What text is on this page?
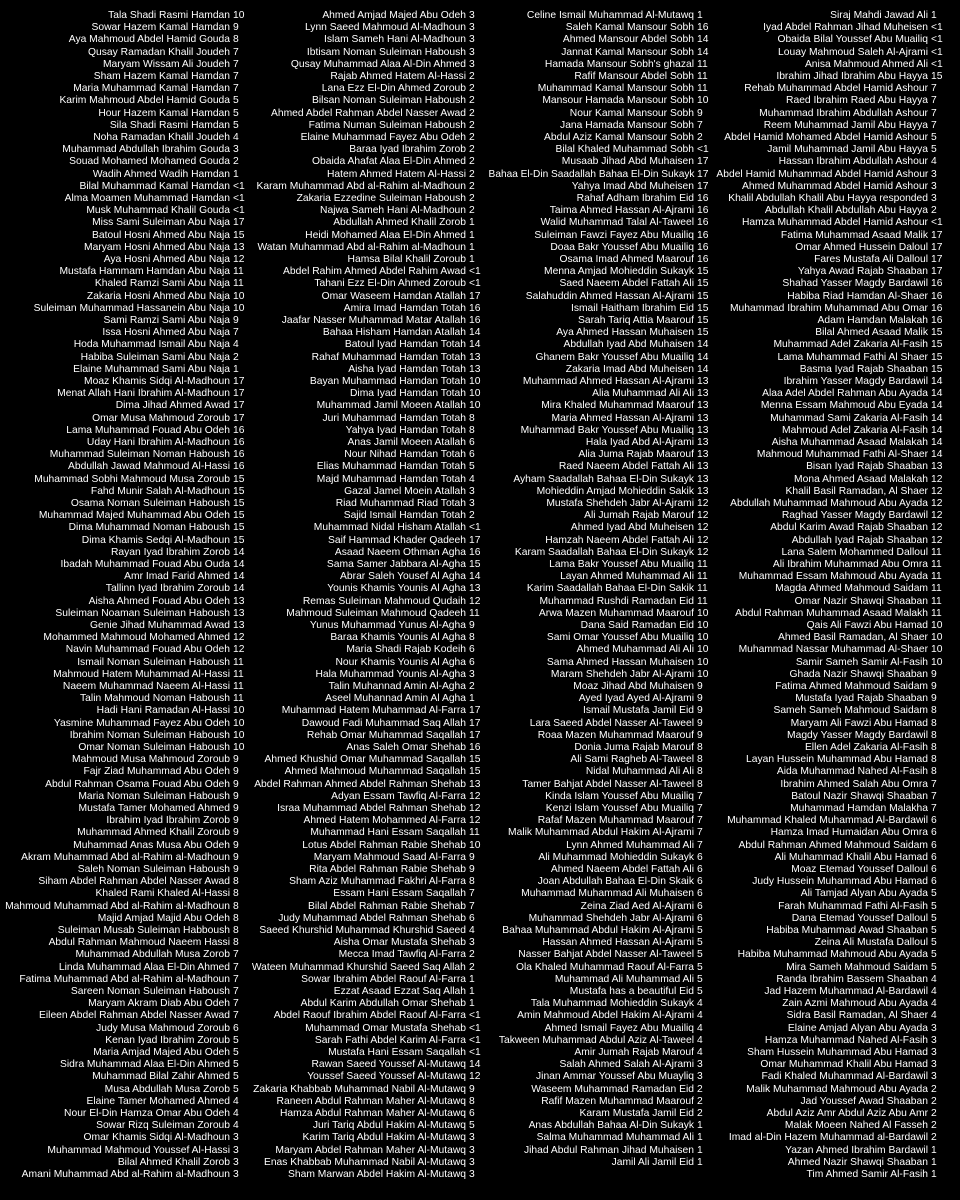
Tala Shadi Rasmi Hamdan 10
Sowar Hazem Kamal Hamdan 9
Aya Mahmoud Abdel Hamid Gouda 8
Qusay Ramadan Khalil Joudeh 7
Maryam Wissam Ali Joudeh 7
Sham Hazem Kamal Hamdan 7
Maria Muhammad Kamal Hamdan 7
Karim Mahmoud Abdel Hamid Gouda 5
Hour Hazem Kamal Hamdan 5
Sila Shadi Rasmi Hamdan 5
Noha Ramadan Khalil Joudeh 4
Muhammad Abdullah Ibrahim Gouda 3
Souad Mohamed Mohamed Gouda 2
Wadih Ahmed Wadih Hamdan 1
Bilal Muhammad Kamal Hamdan <1
Alma Moamen Muhammad Hamdan <1
Musk Muhammad Khalil Gouda <1
Miss Sami Suleiman Abu Naja 17
Batoul Hosni Ahmed Abu Naja 15
Maryam Hosni Ahmed Abu Naja 13
Aya Hosni Ahmed Abu Naja 12
Mustafa Hammam Hamdan Abu Naja 11
Khaled Ramzi Sami Abu Naja 11
Zakaria Hosni Ahmed Abu Naja 10
Suleiman Muhammad Hassanein Abu Naja 10
Sami Ramzi Sami Abu Naja 9
Issa Hosni Ahmed Abu Naja 7
Hoda Muhammad Ismail Abu Naja 4
Habiba Suleiman Sami Abu Naja 2
Elaine Muhammad Sami Abu Naja 1
Moaz Khamis Sidqi Al-Madhoun 17
Menat Allah Hani Ibrahim Al-Madhoun 17
Dima Jihad Ahmed Awad 17
Omar Musa Mahmoud Zoroub 17
Lama Muhammad Fouad Abu Odeh 16
Uday Hani Ibrahim Al-Madhoun 16
Muhammad Suleiman Noman Haboush 16
Abdullah Jawad Mahmoud Al-Hassi 16
Muhammad Sobhi Mahmoud Musa Zoroub 15
Fahd Munir Salah Al-Madhoun 15
Osama Noman Suleiman Haboush 15
Muhammad Majed Muhammad Abu Odeh 15
Dima Muhammad Noman Haboush 15
Dima Khamis Sedqi Al-Madhoun 15
Rayan Iyad Ibrahim Zorob 14
Ibadah Muhammad Fouad Abu Ouda 14
Amr Imad Farid Ahmed 14
Tallinn Iyad Ibrahim Zoroub 14
Aisha Ahmed Fouad Abu Odeh 13
Suleiman Noaman Suleiman Haboush 13
Genie Jihad Muhammad Awad 13
Mohammed Mahmoud Mohamed Ahmed 12
Navin Muhammad Fouad Abu Odeh 12
Ismail Noman Suleiman Haboush 11
Mahmoud Hatem Muhammad Al-Hassi 11
Naeem Muhammad Naeem Al-Hassi 11
Talin Mahmoud Noman Haboush 11
Hadi Hani Ramadan Al-Hassi 10
Yasmine Muhammad Fayez Abu Odeh 10
Ibrahim Noman Suleiman Haboush 10
Omar Noman Suleiman Haboush 10
Mahmoud Musa Mahmoud Zoroub 9
Fajr Ziad Muhammad Abu Odeh 9
Abdul Rahman Osama Fouad Abu Odeh 9
Maria Noman Suleiman Haboush 9
Mustafa Tamer Mohamed Ahmed 9
Ibrahim Iyad Ibrahim Zorob 9
Muhammad Ahmed Khalil Zoroub 9
Muhammad Anas Musa Abu Odeh 9
Akram Muhammad Abd al-Rahim al-Madhoun 9
Saleh Noman Suleiman Haboush 9
Siham Abdel Rahman Abdel Nasser Awad 8
Khaled Rami Khaled Al-Hassi 8
Mahmoud Muhammad Abd al-Rahim al-Madhoun 8
Majid Amjad Majid Abu Odeh 8
Suleiman Musab Suleiman Habboush 8
Abdul Rahman Mahmoud Naeem Hassi 8
Muhammad Abdullah Musa Zorob 7
Linda Muhammad Alaa El-Din Ahmed 7
Fatima Muhammad Abd al-Rahim al-Madhoun 7
Sareen Noman Suleiman Haboush 7
Maryam Akram Diab Abu Odeh 7
Eileen Abdel Rahman Abdel Nasser Awad 7
Judy Musa Mahmoud Zoroub 6
Kenan Iyad Ibrahim Zoroub 5
Maria Amjad Majed Abu Odeh 5
Sidra Muhammad Alaa El-Din Ahmed 5
Muhammad Bilal Zahir Ahmed 5
Musa Abdullah Musa Zorob 5
Elaine Tamer Mohamed Ahmed 4
Nour El-Din Hamza Omar Abu Odeh 4
Sowar Rizq Suleiman Zoroub 4
Omar Khamis Sidqi Al-Madhoun 3
Muhammad Mahmoud Youssef Al-Hassi 3
Bilal Ahmed Khalil Zorob 3
Amani Muhammad Abd al-Rahim al-Madhoun 3
Ahmed Amjad Majed Abu Odeh 3
Lynn Saeed Mahmoud Al-Madhoun 3
Islam Sameh Hani Al-Madhoun 3
Ibtisam Noman Suleiman Haboush 3
Qusay Muhammad Alaa Al-Din Ahmed 3
Rajab Ahmed Hatem Al-Hassi 2
Lana Ezz El-Din Ahmed Zoroub 2
Bilsan Noman Suleiman Haboush 2
Ahmed Abdel Rahman Abdel Nasser Awad 2
Fatima Numan Suleiman Haboush 2
Elaine Muhammad Fayez Abu Odeh 2
Baraa Iyad Ibrahim Zorob 2
Obaida Ahafat Alaa El-Din Ahmed 2
Hatem Ahmed Hatem Al-Hassi 2
Karam Muhammad Abd al-Rahim al-Madhoun 2
Zakaria Ezzedine Suleiman Haboush 2
Najwa Sameh Hani Al-Madhoun 2
Abdullah Ahmed Khalil Zorob 1
Heidi Mohamed Alaa El-Din Ahmed 1
Watan Muhammad Abd al-Rahim al-Madhoun 1
Hamsa Bilal Khalil Zoroub 1
Abdel Rahim Ahmed Abdel Rahim Awad <1
Tahani Ezz El-Din Ahmed Zoroub <1
Omar Waseem Hamdan Atallah 17
Amira Imad Hamdan Totah 16
Jaafar Nasser Muhammad Matar Atallah 16
Bahaa Hisham Hamdan Atallah 14
Batoul Iyad Hamdan Totah 14
Rahaf Muhammad Hamdan Totah 13
Aisha Iyad Hamdan Totah 13
Bayan Muhammad Hamdan Totah 10
Dima Iyad Hamdan Totah 10
Muhammad Jamil Moeen Atallah 10
Juri Muhammad Hamdan Totah 8
Yahya Iyad Hamdan Totah 8
Anas Jamil Moeen Atallah 6
Nour Nihad Hamdan Totah 6
Elias Muhammad Hamdan Totah 5
Majd Muhammad Hamdan Totah 4
Gazal Jamel Moein Atallah 3
Riad Muhammad Riad Totah 3
Sajid Ismail Hamdan Totah 2
Muhammad Nidal Hisham Atallah <1
Saif Hammad Khader Qadeeh 17
Asaad Naeem Othman Agha 16
Sama Samer Jabbara Al-Agha 15
Abrar Saleh Yousef Al Agha 14
Younis Khamis Younis Al Agha 13
Remas Suleiman Mahmoud Qudaih 12
Mahmoud Suleiman Mahmoud Qadeeh 11
Yunus Muhammad Yunus Al-Agha 9
Baraa Khamis Younis Al Agha 8
Maria Shadi Rajab Kodeih 6
Nour Khamis Younis Al Agha 6
Hala Muhammad Younis Al-Agha 3
Talin Muhannad Amin Al-Agha 2
Aseel Muhannad Amin Al Agha 1
Muhammad Hatem Muhammad Al-Farra 17
Dawoud Fadi Muhammad Saq Allah 17
Rehab Omar Muhammad Saqallah 17
Anas Saleh Omar Shehab 16
Ahmed Khushid Omar Muhammad Saqallah 15
Ahmed Mahmoud Muhammad Saqallah 15
Abdel Rahman Ahmed Abdel Rahman Shehab 13
Adyan Essam Tawfiq Al-Farra 12
Israa Muhammad Abdel Rahman Shehab 12
Ahmed Hatem Mohammed Al-Farra 12
Muhammad Hani Essam Saqallah 11
Lotus Abdel Rahman Rabie Shehab 10
Maryam Mahmoud Saad Al-Farra 9
Rita Abdel Rahman Rabie Shehab 9
Sham Aziz Muhammad Fakhri Al-Farra 8
Essam Hani Essam Saqallah 7
Bilal Abdel Rahman Rabie Shehab 7
Judy Muhammad Abdel Rahman Shehab 6
Saeed Khurshid Muhammad Khurshid Saeed 4
Aisha Omar Mustafa Shehab 3
Mecca Imad Tawfiq Al-Farra 2
Wateen Muhammad Khurshid Saeed Saq Allah 2
Sowar Ibrahim Abdel Raouf Al-Farra 1
Ezzat Asaad Ezzat Saq Allah 1
Abdul Karim Abdullah Omar Shehab 1
Abdel Raouf Ibrahim Abdel Raouf Al-Farra <1
Muhammad Omar Mustafa Shehab <1
Sarah Fathi Abdel Karim Al-Farra <1
Mustafa Hani Essam Saqallah <1
Rawan Saeed Youssef Al-Mutawq 14
Youssef Saeed Youssef Al-Mutawq 12
Zakaria Khabbab Muhammad Nabil Al-Mutawq 9
Raneen Abdul Rahman Maher Al-Mutawq 8
Hamza Abdul Rahman Maher Al-Mutawq 6
Juri Tariq Abdul Hakim Al-Mutawq 5
Karim Tariq Abdul Hakim Al-Mutawq 3
Maryam Abdel Rahman Maher Al-Mutawq 3
Enas Khabbab Muhammad Nabil Al-Mutawq 3
Sham Marwan Abdel Hakim Al-Mutawq 3
Celine Ismail Muhammad Al-Mutawq 1
Saleh Kamal Mansour Sobh 16
Ahmed Mansour Abdel Sobh 14
Jannat Kamal Mansour Sobh 14
Hamada Mansour Sobh's ghazal 11
Rafif Mansour Abdel Sobh 11
Muhammad Kamal Mansour Sobh 11
Mansour Hamada Mansour Sobh 10
Nour Kamal Mansour Sobh 9
Jana Hamada Mansour Sobh 7
Abdul Aziz Kamal Mansour Sobh 2
Bilal Khaled Muhammad Sobh <1
Musaab Jihad Abd Muhaisen 17
Bahaa El-Din Saadallah Bahaa El-Din Sukayk 17
Yahya Imad Abd Muheisen 17
Rahaf Adham Ibrahim Eid 16
Taima Ahmed Hassan Al-Ajrami 16
Walid Muhammad Talal Al-Taweel 16
Suleiman Fawzi Fayez Abu Muailiq 16
Doaa Bakr Youssef Abu Muailiq 16
Osama Imad Ahmed Maarouf 16
Menna Amjad Mohieddin Sukayk 15
Saed Naeem Abdel Fattah Ali 15
Salahuddin Ahmed Hassan Al-Ajrami 15
Ismail Haitham Ibrahim Eid 15
Sarah Tariq Attia Maarouf 15
Aya Ahmed Hassan Muhaisen 15
Abdullah Iyad Abd Muhaisen 14
Ghanem Bakr Youssef Abu Muailiq 14
Zakaria Imad Abd Muheisen 14
Muhammad Ahmed Hassan Al-Ajrami 13
Alia Muhammad Ali Ali 13
Mira Khaled Muhammad Maarouf 13
Maria Ahmed Hassan Al-Ajrami 13
Muhammad Bakr Youssef Abu Muailiq 13
Hala Iyad Abd Al-Ajrami 13
Alia Juma Rajab Maarouf 13
Raed Naeem Abdel Fattah Ali 13
Ayham Saadallah Bahaa El-Din Sukayk 13
Mohieddin Amjad Mohieddin Sakik 13
Mustafa Shehdeh Jabr Al-Ajrami 12
Ali Jumah Rajab Marouf 12
Ahmed Iyad Abd Muheisen 12
Hamzah Naeem Abdel Fattah Ali 12
Karam Saadallah Bahaa El-Din Sukayk 12
Lama Bakr Youssef Abu Muailiq 11
Layan Ahmed Muhammad Ali 11
Karim Saadallah Bahaa El-Din Sakik 11
Muhammad Rushdi Ramadan Eid 11
Arwa Mazen Muhammad Maarouf 10
Dana Said Ramadan Eid 10
Sami Omar Youssef Abu Muailiq 10
Ahmed Muhammad Ali Ali 10
Sama Ahmed Hassan Muhaisen 10
Maram Shehdeh Jabr Al-Ajrami 10
Moaz Jihad Abd Muhaisen 9
Ayed Iyad Ayed Al-Ajrami 9
Ismail Mustafa Jamil Eid 9
Lara Saeed Abdel Nasser Al-Taweel 9
Roaa Mazen Muhammad Maarouf 9
Donia Juma Rajab Marouf 8
Ali Sami Ragheb Al-Taweel 8
Nidal Muhammad Ali Ali 8
Tamer Bahjat Abdel Nasser Al-Taweel 8
Kinda Islam Youssef Abu Muailiq 7
Kenzi Islam Youssef Abu Muailiq 7
Rafaf Mazen Muhammad Maarouf 7
Malik Muhammad Abdul Hakim Al-Ajrami 7
Lynn Ahmed Muhammad Ali 7
Ali Muhammad Mohieddin Sukayk 6
Ahmed Naeem Abdel Fattah Ali 6
Joan Abdullah Bahaa El-Din Skaik 6
Muhammad Muhammad Ali Muhaisen 6
Zeina Ziad Aed Al-Ajrami 6
Muhammad Shehdeh Jabr Al-Ajrami 6
Bahaa Muhammad Abdul Hakim Al-Ajrami 5
Hassan Ahmed Hassan Al-Ajrami 5
Nasser Bahjat Abdel Nasser Al-Taweel 5
Ola Khaled Muhammad Raouf Al-Farra 5
Muhammad Ali Muhammad Ali 5
Mustafa has a beautiful Eid 5
Tala Muhammad Mohieddin Sukayk 4
Amin Mahmoud Abdel Hakim Al-Ajrami 4
Ahmed Ismail Fayez Abu Muailiq 4
Takween Muhammad Abdul Aziz Al-Taweel 4
Amir Jumah Rajab Marouf 4
Salah Ahmed Salah Al-Ajrami 3
Jinan Ammar Youssef Abu Muayliq 3
Waseem Muhammad Ramadan Eid 2
Rafif Mazen Muhammad Maarouf 2
Karam Mustafa Jamil Eid 2
Anas Abdullah Bahaa Al-Din Sukayk 1
Salma Muhammad Muhammad Ali 1
Jihad Abdul Rahman Jihad Muhaisen 1
Jamil Ali Jamil Eid 1
Siraj Mahdi Jawad Ali 1
Iyad Abdel Rahman Jihad Muheisen <1
Obaida Bilal Youssef Abu Muailiq <1
Louay Mahmoud Saleh Al-Ajrami <1
Anisa Mahmoud Ahmed Ali <1
Ibrahim Jihad Ibrahim Abu Hayya 15
Rehab Muhammad Abdel Hamid Ashour 7
Raed Ibrahim Raed Abu Hayya 7
Muhammad Ibrahim Abdullah Ashour 7
Reem Muhammad Jamil Abu Hayya 7
Abdel Hamid Mohamed Abdel Hamid Ashour 5
Jamil Muhammad Jamil Abu Hayya 5
Hassan Ibrahim Abdullah Ashour 4
Abdel Hamid Muhammad Abdel Hamid Ashour 3
Ahmed Muhammad Abdel Hamid Ashour 3
Khalil Abdullah Khalil Abu Hayya responded 3
Abdullah Khalil Abdullah Abu Hayya 2
Hamza Muhammad Abdel Hamid Ashour <1
Fatima Muhammad Asaad Malik 17
Omar Ahmed Hussein Daloul 17
Fares Mustafa Ali Dalloul 17
Yahya Awad Rajab Shaaban 17
Shahad Yasser Magdy Bardawil 16
Habiba Riad Hamdan Al-Shaer 16
Muhammad Ibrahim Muhammad Abu Omar 16
Adam Hamdan Malakah 16
Bilal Ahmed Asaad Malik 15
Muhammad Adel Zakaria Al-Fasih 15
Lama Muhammad Fathi Al Shaer 15
Basma Iyad Rajab Shaaban 15
Ibrahim Yasser Magdy Bardawil 14
Alaa Adel Abdel Rahman Abu Ayada 14
Menna Essam Mahmoud Abu Eyada 14
Muhammad Sami Zakaria Al-Fasih 14
Mahmoud Adel Zakaria Al-Fasih 14
Aisha Muhammad Asaad Malakah 14
Mahmoud Muhammad Fathi Al-Shaer 14
Bisan Iyad Rajab Shaaban 13
Mona Ahmed Asaad Malakah 12
Khalil Basil Ramadan, Al Shaer 12
Abdullah Muhammad Mahmoud Abu Ayada 12
Raghad Yasser Magdy Bardawil 12
Abdul Karim Awad Rajab Shaaban 12
Abdullah Iyad Rajab Shaaban 12
Lana Salem Mohammed Dalloul 11
Ali Ibrahim Muhammad Abu Omra 11
Muhammad Essam Mahmoud Abu Ayada 11
Magda Ahmed Mahmoud Saidam 11
Omar Nazir Shawqi Shaaban 11
Abdul Rahman Muhammad Asaad Malakh 11
Qais Ali Fawzi Abu Hamad 10
Ahmed Basil Ramadan, Al Shaer 10
Muhammad Nassar Muhammad Al-Shaer 10
Samir Sameh Samir Al-Fasih 10
Ghada Nazir Shawqi Shaaban 9
Fatima Ahmed Mahmoud Saidam 9
Mustafa Iyad Rajab Shaaban 9
Sameh Sameh Mahmoud Saidam 8
Maryam Ali Fawzi Abu Hamad 8
Magdy Yasser Magdy Bardawil 8
Ellen Adel Zakaria Al-Fasih 8
Layan Hussein Muhammad Abu Hamad 8
Aida Muhammad Nahed Al-Fasih 8
Ibrahim Ahmed Salah Abu Omra 7
Batoul Nazir Shawqi Shaaban 7
Muhammad Hamdan Malakha 7
Muhammad Khaled Muhammad Al-Bardawil 6
Hamza Imad Humaidan Abu Omra 6
Abdul Rahman Ahmed Mahmoud Saidam 6
Ali Muhammad Khalil Abu Hamad 6
Moaz Etemad Youssef Dalloul 6
Judy Hussein Muhammad Abu Hamad 6
Ali Tamjad Alyan Abu Ayada 5
Farah Muhammad Fathi Al-Fasih 5
Dana Etemad Youssef Dalloul 5
Habiba Muhammad Awad Shaaban 5
Zeina Ali Mustafa Dalloul 5
Habiba Muhammad Mahmoud Abu Ayada 5
Mira Sameh Mahmoud Saidam 5
Randa Ibrahim Bassem Shaaban 4
Jad Hazem Muhammad Al-Bardawil 4
Zain Azmi Mahmoud Abu Ayada 4
Sidra Basil Ramadan, Al Shaer 4
Elaine Amjad Alyan Abu Ayada 3
Hamza Muhammad Nahed Al-Fasih 3
Sham Hussein Muhammad Abu Hamad 3
Omar Muhammad Khalil Abu Hamad 3
Fadi Khaled Muhammad Al-Bardawil 3
Malik Muhammad Mahmoud Abu Ayada 2
Jad Youssef Awad Shaaban 2
Abdul Aziz Amr Abdul Aziz Abu Amr 2
Malak Moeen Nahed Al Fasseh 2
Imad al-Din Hazem Muhammad al-Bardawil 2
Yazan Ahmed Ibrahim Bardawil 1
Ahmed Nazir Shawqi Shaaban 1
Tim Ahmed Samir Al-Fasih 1
